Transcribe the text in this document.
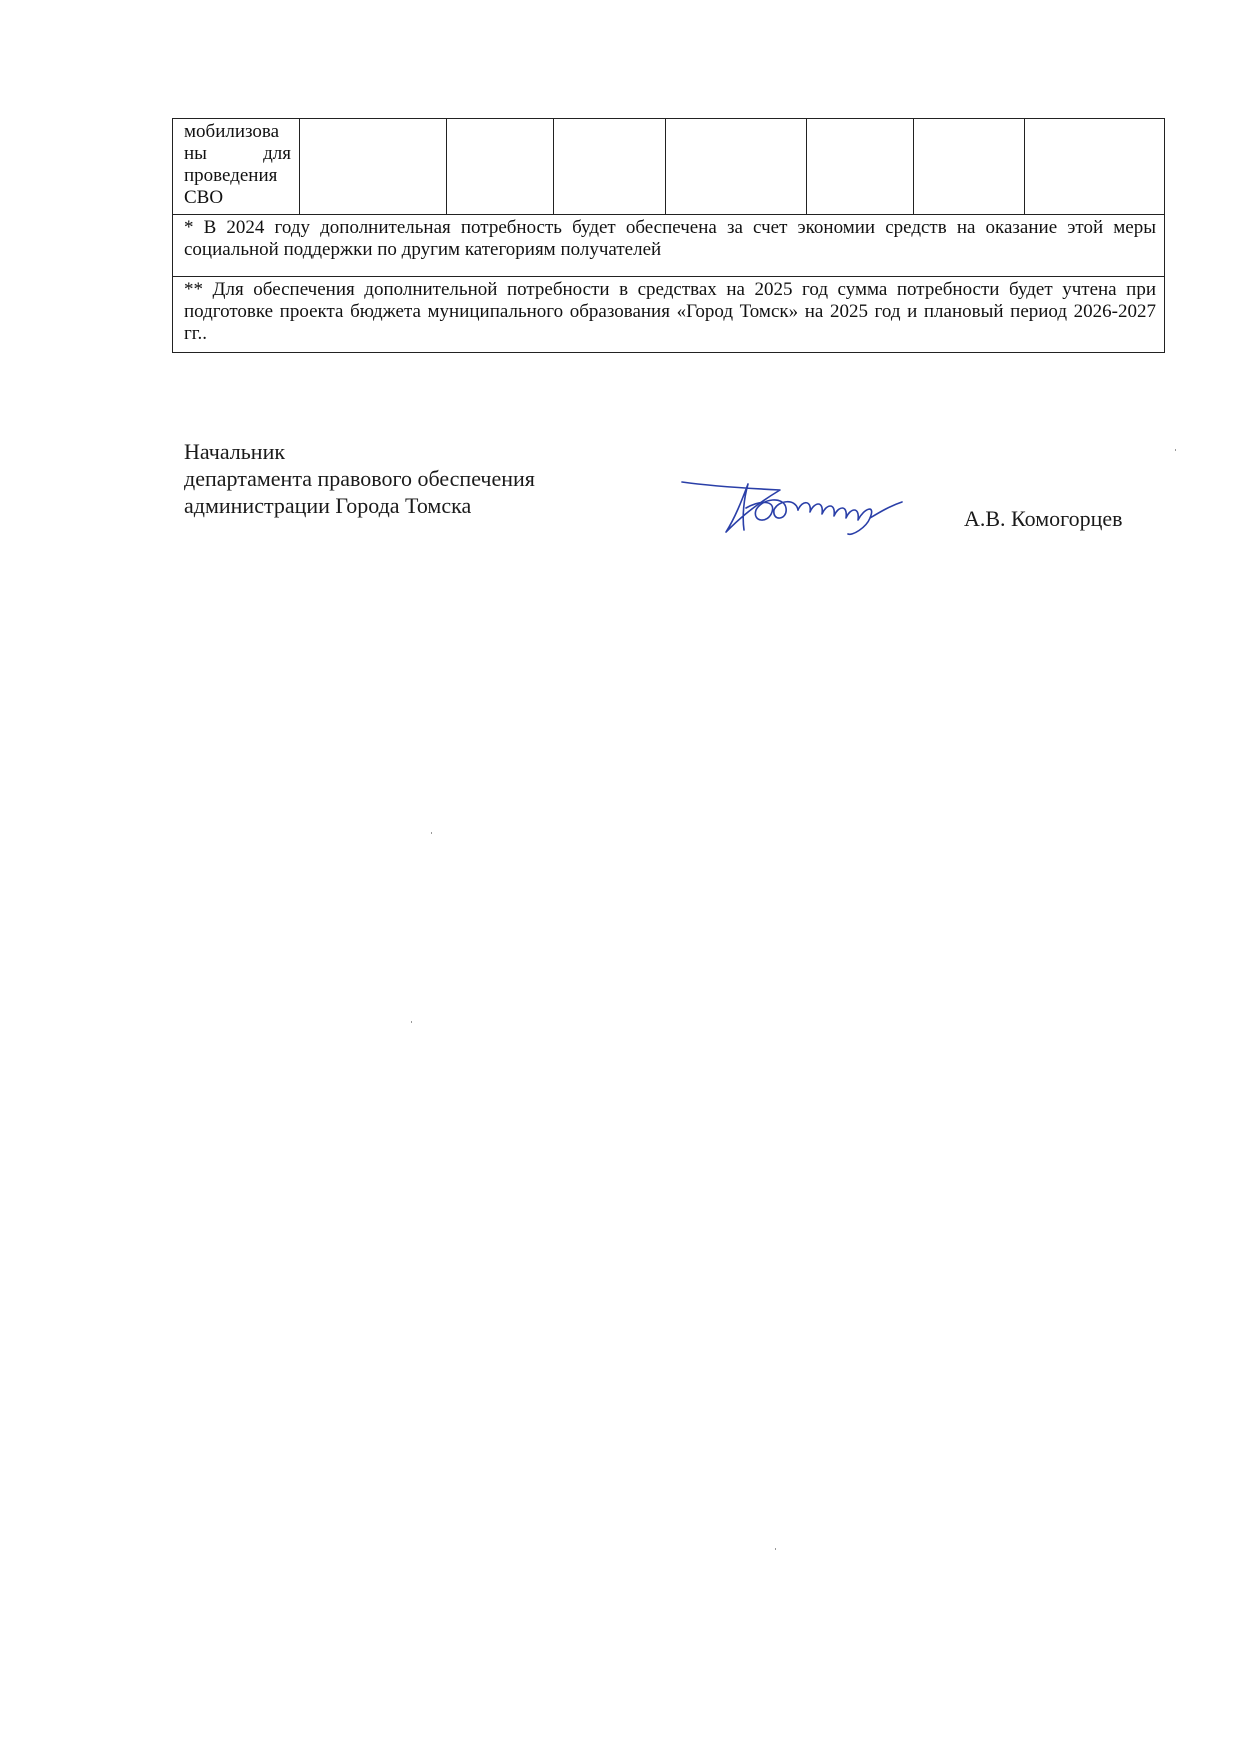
мобилизова
ны для
проведения
СВО

* В 2024 году дополнительная потребность будет обеспечена за счет экономии средств на оказание этой меры социальной поддержки по другим категориям получателей
** Для обеспечения дополнительной потребности в средствах на 2025 год сумма потребности будет учтена при подготовке проекта бюджета муниципального образования «Город Томск» на 2025 год и плановый период 2026-2027 гг..
Начальник
департамента правового обеспечения
администрации Города Томска
А.В. Комогорцев
